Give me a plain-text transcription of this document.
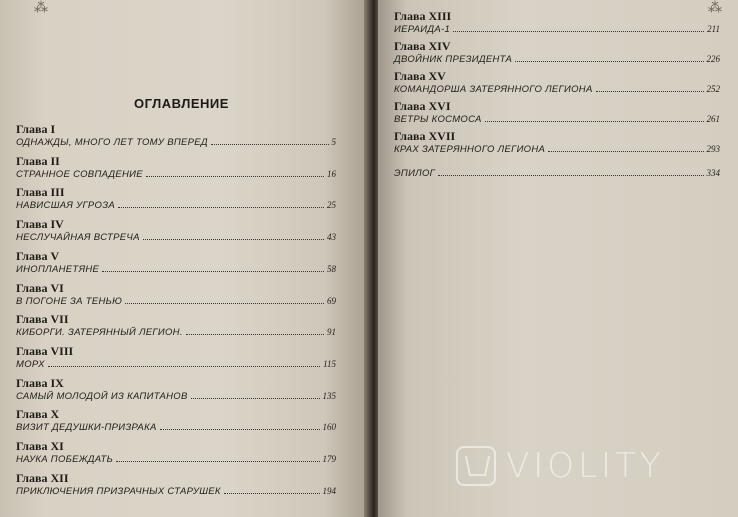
⁂
ОГЛАВЛЕНИЕ
Глава I
ОДНАЖДЫ, МНОГО ЛЕТ ТОМУ ВПЕРЕД	5
Глава II
СТРАННОЕ СОВПАДЕНИЕ	16
Глава III
НАВИСШАЯ УГРОЗА	25
Глава IV
НЕСЛУЧАЙНАЯ ВСТРЕЧА	43
Глава V
ИНОПЛАНЕТЯНЕ	58
Глава VI
В ПОГОНЕ ЗА ТЕНЬЮ	69
Глава VII
КИБОРГИ. ЗАТЕРЯННЫЙ ЛЕГИОН.	91
Глава VIII
МОРХ	115
Глава IX
САМЫЙ МОЛОДОЙ ИЗ КАПИТАНОВ	135
Глава X
ВИЗИТ ДЕДУШКИ-ПРИЗРАКА	160
Глава XI
НАУКА ПОБЕЖДАТЬ	179
Глава XII
ПРИКЛЮЧЕНИЯ ПРИЗРАЧНЫХ СТАРУШЕК	194
⁂
Глава XIII
ИЕРАИДА-1	211
Глава XIV
ДВОЙНИК ПРЕЗИДЕНТА	226
Глава XV
КОМАНДОРША ЗАТЕРЯННОГО ЛЕГИОНА	252
Глава XVI
ВЕТРЫ КОСМОСА	261
Глава XVII
КРАХ ЗАТЕРЯННОГО ЛЕГИОНА	293
ЭПИЛОГ	334
VIOLITY
